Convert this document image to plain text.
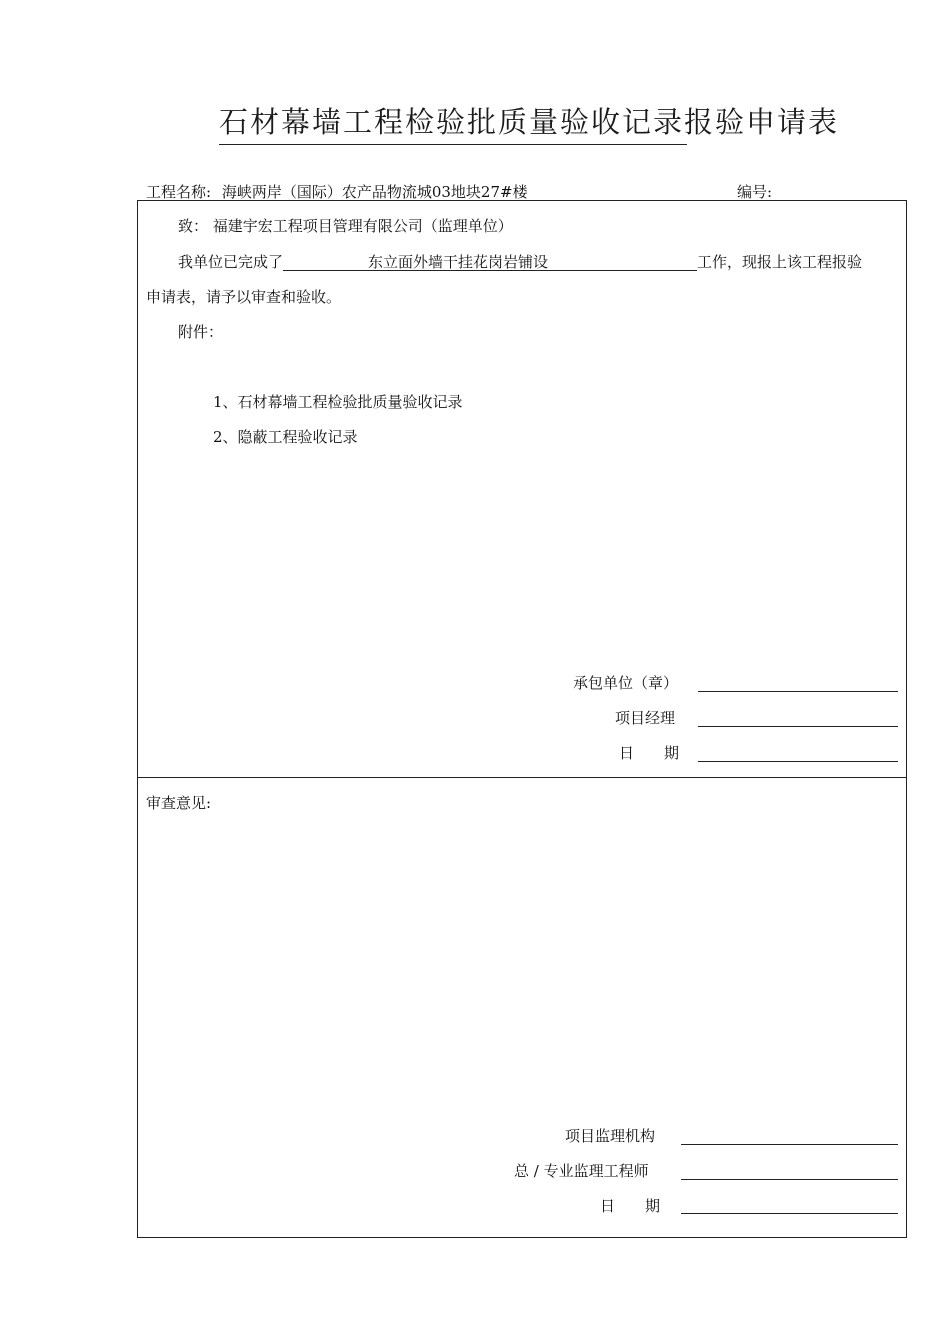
石材幕墙工程检验批质量验收记录报验申请表
工程名称: 海峡两岸（国际）农产品物流城03地块27#楼	编号:
致： 福建宇宏工程项目管理有限公司（监理单位）
我单位已完成了	东立面外墙干挂花岗岩铺设	工作，现报上该工程报验
申请表，请予以审查和验收。
附件：
1、石材幕墙工程检验批质量验收记录
2、隐蔽工程验收记录
承包单位（章）
项目经理
日　　期
审查意见:
项目监理机构
总 / 专业监理工程师
日　　期
